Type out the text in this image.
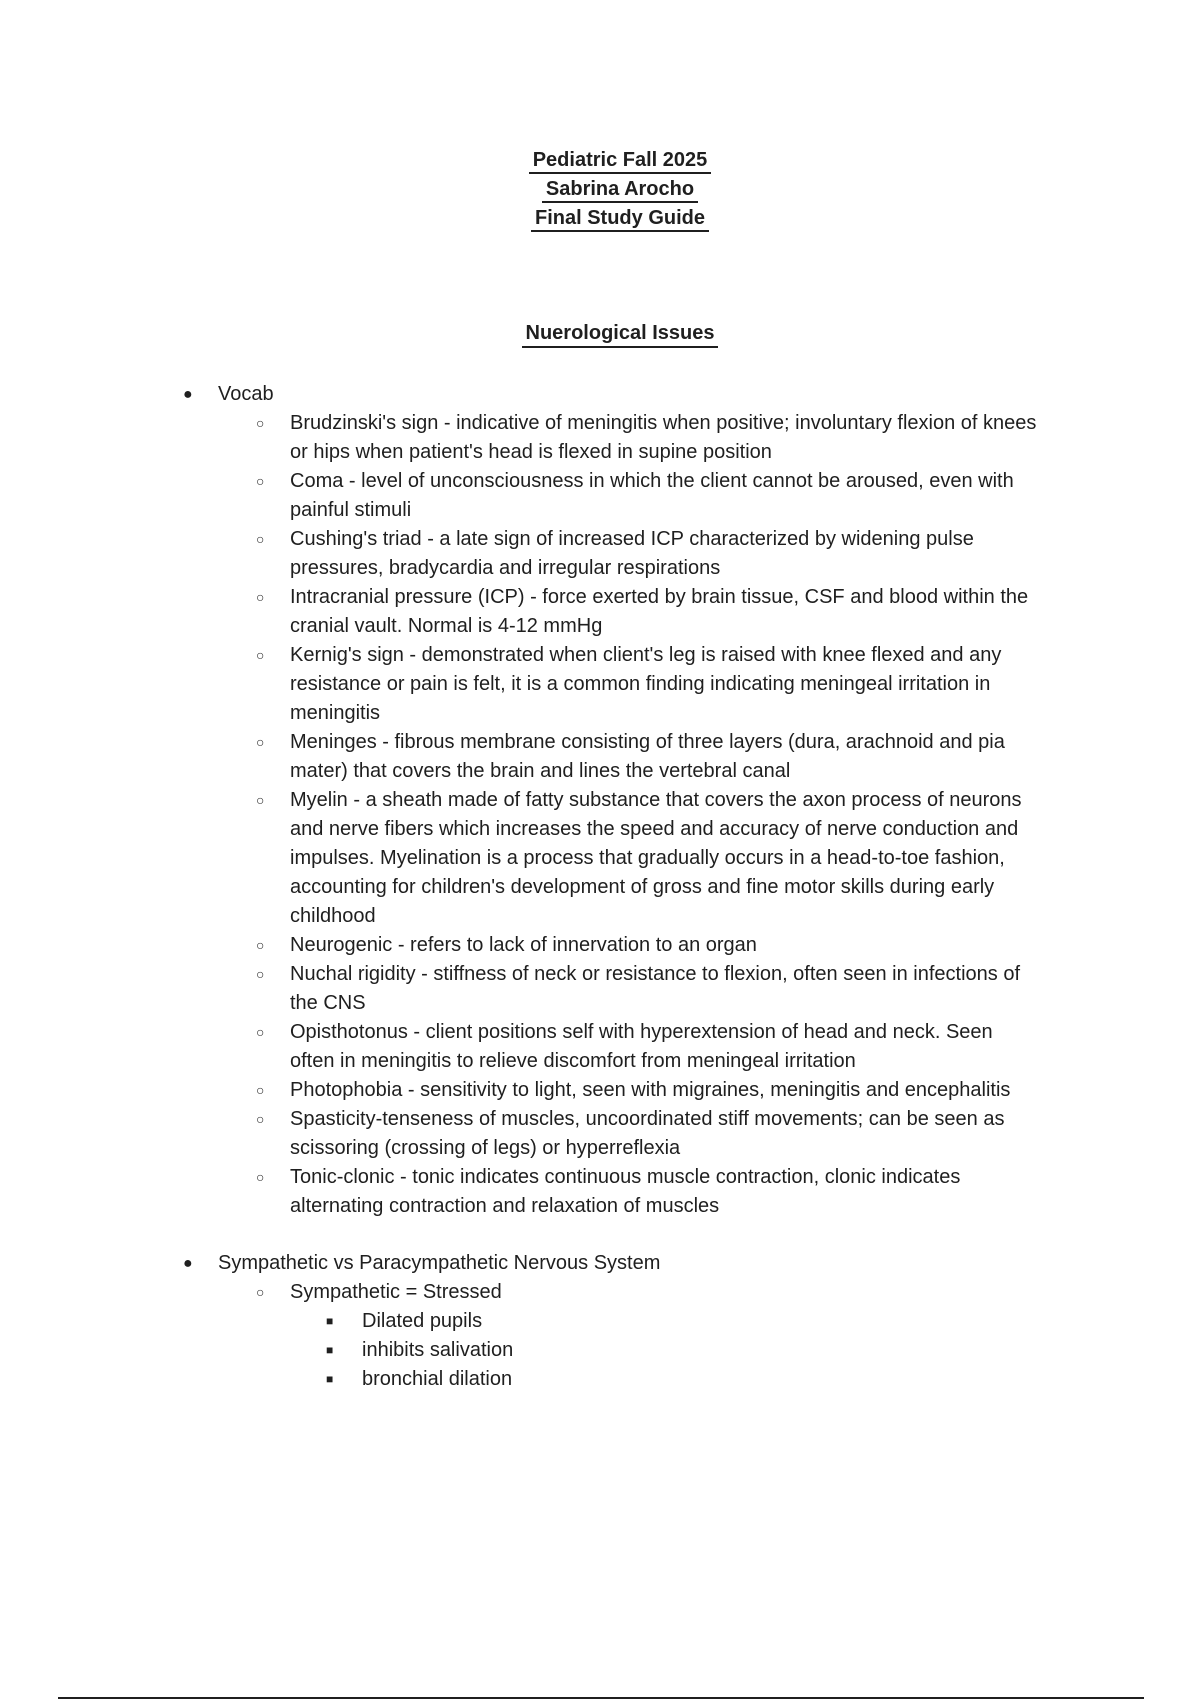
Pediatric Fall 2025
Sabrina Arocho
Final Study Guide
Nuerological Issues
● Vocab
○ Brudzinski's sign - indicative of meningitis when positive; involuntary flexion of knees or hips when patient's head is flexed in supine position
○ Coma - level of unconsciousness in which the client cannot be aroused, even with painful stimuli
○ Cushing's triad - a late sign of increased ICP characterized by widening pulse pressures, bradycardia and irregular respirations
○ Intracranial pressure (ICP) - force exerted by brain tissue, CSF and blood within the cranial vault. Normal is 4-12 mmHg
○ Kernig's sign - demonstrated when client's leg is raised with knee flexed and any resistance or pain is felt, it is a common finding indicating meningeal irritation in meningitis
○ Meninges - fibrous membrane consisting of three layers (dura, arachnoid and pia mater) that covers the brain and lines the vertebral canal
○ Myelin - a sheath made of fatty substance that covers the axon process of neurons and nerve fibers which increases the speed and accuracy of nerve conduction and impulses. Myelination is a process that gradually occurs in a head-to-toe fashion, accounting for children's development of gross and fine motor skills during early childhood
○ Neurogenic - refers to lack of innervation to an organ
○ Nuchal rigidity - stiffness of neck or resistance to flexion, often seen in infections of the CNS
○ Opisthotonus - client positions self with hyperextension of head and neck. Seen often in meningitis to relieve discomfort from meningeal irritation
○ Photophobia - sensitivity to light, seen with migraines, meningitis and encephalitis
○ Spasticity-tenseness of muscles, uncoordinated stiff movements; can be seen as scissoring (crossing of legs) or hyperreflexia
○ Tonic-clonic - tonic indicates continuous muscle contraction, clonic indicates alternating contraction and relaxation of muscles
● Sympathetic vs Paracympathetic Nervous System
○ Sympathetic = Stressed
■ Dilated pupils
■ inhibits salivation
■ bronchial dilation
